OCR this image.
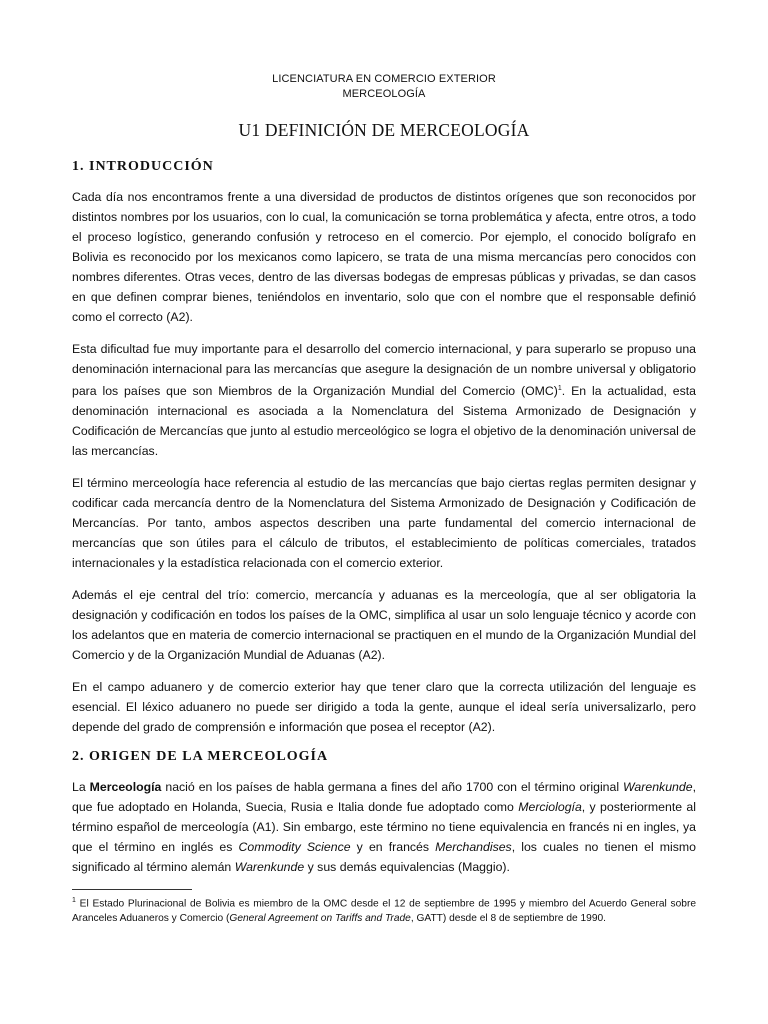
LICENCIATURA EN COMERCIO EXTERIOR
MERCEOLOGÍA
U1 DEFINICIÓN DE MERCEOLOGÍA
1. INTRODUCCIÓN

Cada día nos encontramos frente a una diversidad de productos de distintos orígenes que son reconocidos por distintos nombres por los usuarios, con lo cual, la comunicación se torna problemática y afecta, entre otros, a todo el proceso logístico, generando confusión y retroceso en el comercio. Por ejemplo, el conocido bolígrafo en Bolivia es reconocido por los mexicanos como lapicero, se trata de una misma mercancías pero conocidos con nombres diferentes. Otras veces, dentro de las diversas bodegas de empresas públicas y privadas, se dan casos en que definen comprar bienes, teniéndolos en inventario, solo que con el nombre que el responsable definió como el correcto (A2).

Esta dificultad fue muy importante para el desarrollo del comercio internacional, y para superarlo se propuso una denominación internacional para las mercancías que asegure la designación de un nombre universal y obligatorio para los países que son Miembros de la Organización Mundial del Comercio (OMC)$^1$. En la actualidad, esta denominación internacional es asociada a la Nomenclatura del Sistema Armonizado de Designación y Codificación de Mercancías que junto al estudio merceológico se logra el objetivo de la denominación universal de las mercancías.

El término merceología hace referencia al estudio de las mercancías que bajo ciertas reglas permiten designar y codificar cada mercancía dentro de la Nomenclatura del Sistema Armonizado de Designación y Codificación de Mercancías. Por tanto, ambos aspectos describen una parte fundamental del comercio internacional de mercancías que son útiles para el cálculo de tributos, el establecimiento de políticas comerciales, tratados internacionales y la estadística relacionada con el comercio exterior.

Además el eje central del trío: comercio, mercancía y aduanas es la merceología, que al ser obligatoria la designación y codificación en todos los países de la OMC, simplifica al usar un solo lenguaje técnico y acorde con los adelantos que en materia de comercio internacional se practiquen en el mundo de la Organización Mundial del Comercio y de la Organización Mundial de Aduanas (A2).

En el campo aduanero y de comercio exterior hay que tener claro que la correcta utilización del lenguaje es esencial. El léxico aduanero no puede ser dirigido a toda la gente, aunque el ideal sería universalizarlo, pero depende del grado de comprensión e información que posea el receptor (A2).

2. ORIGEN DE LA MERCEOLOGÍA

La Merceología nació en los países de habla germana a fines del año 1700 con el término original Warenkunde, que fue adoptado en Holanda, Suecia, Rusia e Italia donde fue adoptado como Merciología, y posteriormente al término español de merceología (A1). Sin embargo, este término no tiene equivalencia en francés ni en ingles, ya que el término en inglés es Commodity Science y en francés Merchandises, los cuales no tienen el mismo significado al término alemán Warenkunde y sus demás equivalencias (Maggio).

$^1$ El Estado Plurinacional de Bolivia es miembro de la OMC desde el 12 de septiembre de 1995 y miembro del Acuerdo General sobre Aranceles Aduaneros y Comercio (General Agreement on Tariffs and Trade, GATT) desde el 8 de septiembre de 1990.
